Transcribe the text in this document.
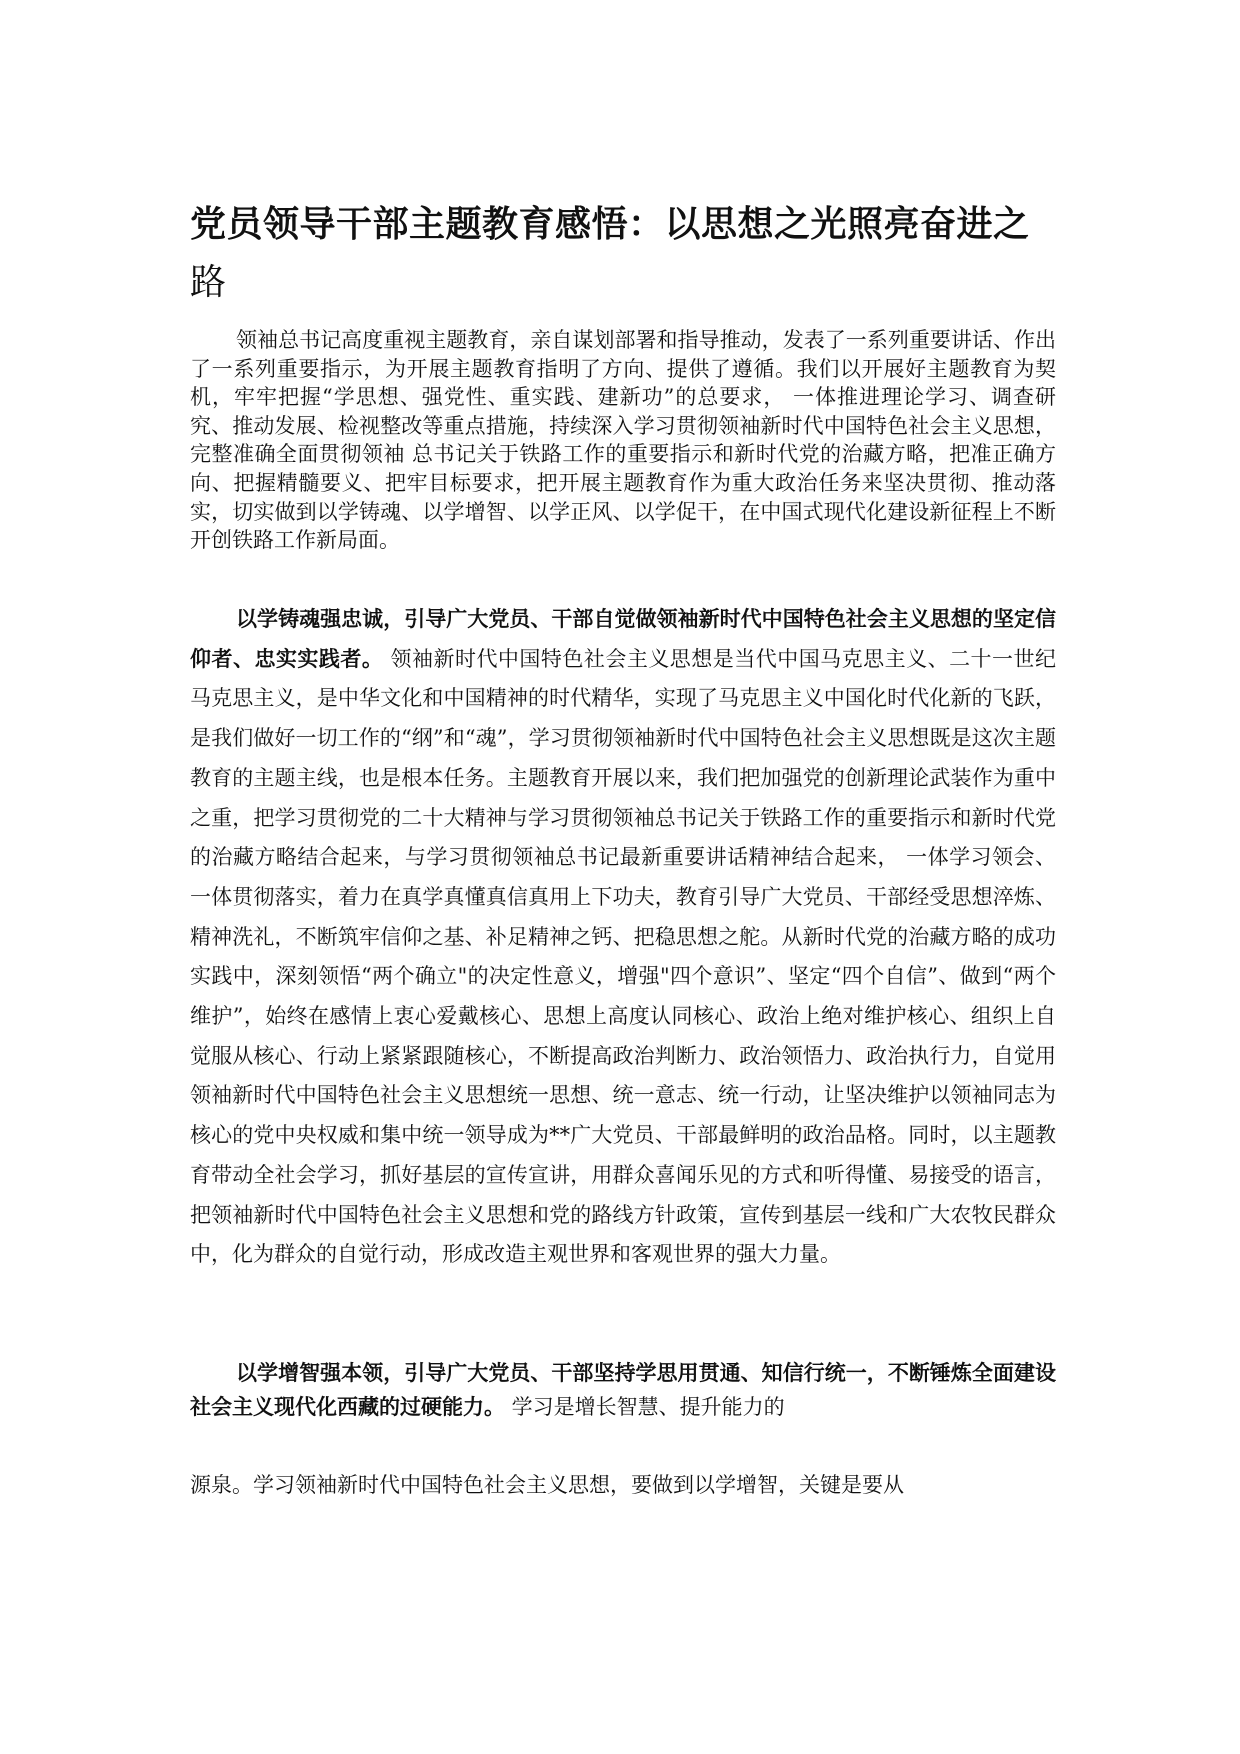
党员领导干部主题教育感悟：以思想之光照亮奋进之
路

领袖总书记高度重视主题教育，亲自谋划部署和指导推动，发表了一系列重要讲话、作出了一系列重要指示，为开展主题教育指明了方向、提供了遵循。我们以开展好主题教育为契机，牢牢把握“学思想、强党性、重实践、建新功”的总要求， 一体推进理论学习、调查研究、推动发展、检视整改等重点措施，持续深入学习贯彻领袖新时代中国特色社会主义思想，完整准确全面贯彻领袖 总书记关于铁路工作的重要指示和新时代党的治藏方略，把准正确方向、把握精髓要义、把牢目标要求，把开展主题教育作为重大政治任务来坚决贯彻、推动落实，切实做到以学铸魂、以学增智、以学正风、以学促干，在中国式现代化建设新征程上不断开创铁路工作新局面。

以学铸魂强忠诚，引导广大党员、干部自觉做领袖新时代中国特色社会主义思想的坚定信仰者、忠实实践者。 领袖新时代中国特色社会主义思想是当代中国马克思主义、二十一世纪马克思主义，是中华文化和中国精神的时代精华，实现了马克思主义中国化时代化新的飞跃，是我们做好一切工作的“纲”和“魂”，学习贯彻领袖新时代中国特色社会主义思想既是这次主题教育的主题主线，也是根本任务。主题教育开展以来，我们把加强党的创新理论武装作为重中之重，把学习贯彻党的二十大精神与学习贯彻领袖总书记关于铁路工作的重要指示和新时代党的治藏方略结合起来，与学习贯彻领袖总书记最新重要讲话精神结合起来， 一体学习领会、 一体贯彻落实，着力在真学真懂真信真用上下功夫，教育引导广大党员、干部经受思想淬炼、精神洗礼，不断筑牢信仰之基、补足精神之钙、把稳思想之舵。从新时代党的治藏方略的成功实践中，深刻领悟“两个确立"的决定性意义，增强"四个意识”、坚定“四个自信”、做到“两个维护”，始终在感情上衷心爱戴核心、思想上高度认同核心、政治上绝对维护核心、组织上自觉服从核心、行动上紧紧跟随核心，不断提高政治判断力、政治领悟力、政治执行力，自觉用领袖新时代中国特色社会主义思想统一思想、统一意志、统一行动，让坚决维护以领袖同志为核心的党中央权威和集中统一领导成为**广大党员、干部最鲜明的政治品格。同时，以主题教育带动全社会学习，抓好基层的宣传宣讲，用群众喜闻乐见的方式和听得懂、易接受的语言，把领袖新时代中国特色社会主义思想和党的路线方针政策，宣传到基层一线和广大农牧民群众中，化为群众的自觉行动，形成改造主观世界和客观世界的强大力量。

以学增智强本领，引导广大党员、干部坚持学思用贯通、知信行统一，不断锤炼全面建设社会主义现代化西藏的过硬能力。 学习是增长智慧、提升能力的

源泉。学习领袖新时代中国特色社会主义思想，要做到以学增智，关键是要从
